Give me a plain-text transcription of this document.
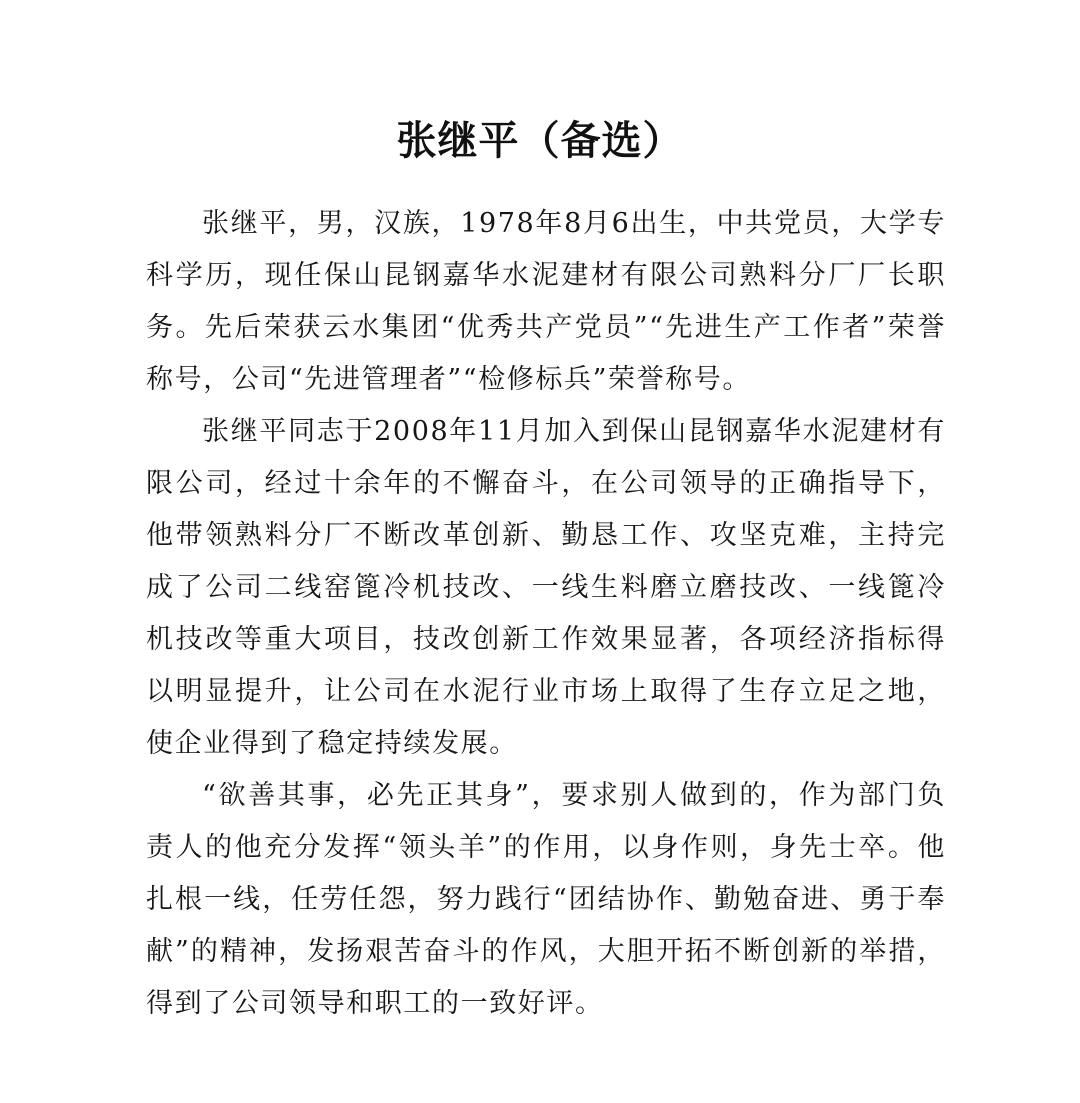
张继平（备选）

张继平，男，汉族，1978年8月6出生，中共党员，大学专科学历，现任保山昆钢嘉华水泥建材有限公司熟料分厂厂长职务。先后荣获云水集团“优秀共产党员”“先进生产工作者”荣誉称号，公司“先进管理者”“检修标兵”荣誉称号。

张继平同志于2008年11月加入到保山昆钢嘉华水泥建材有限公司，经过十余年的不懈奋斗，在公司领导的正确指导下，他带领熟料分厂不断改革创新、勤恳工作、攻坚克难，主持完成了公司二线窑篦冷机技改、一线生料磨立磨技改、一线篦冷机技改等重大项目，技改创新工作效果显著，各项经济指标得以明显提升，让公司在水泥行业市场上取得了生存立足之地，使企业得到了稳定持续发展。

“欲善其事，必先正其身”，要求别人做到的，作为部门负责人的他充分发挥“领头羊”的作用，以身作则，身先士卒。他扎根一线，任劳任怨，努力践行“团结协作、勤勉奋进、勇于奉献”的精神，发扬艰苦奋斗的作风，大胆开拓不断创新的举措，得到了公司领导和职工的一致好评。
